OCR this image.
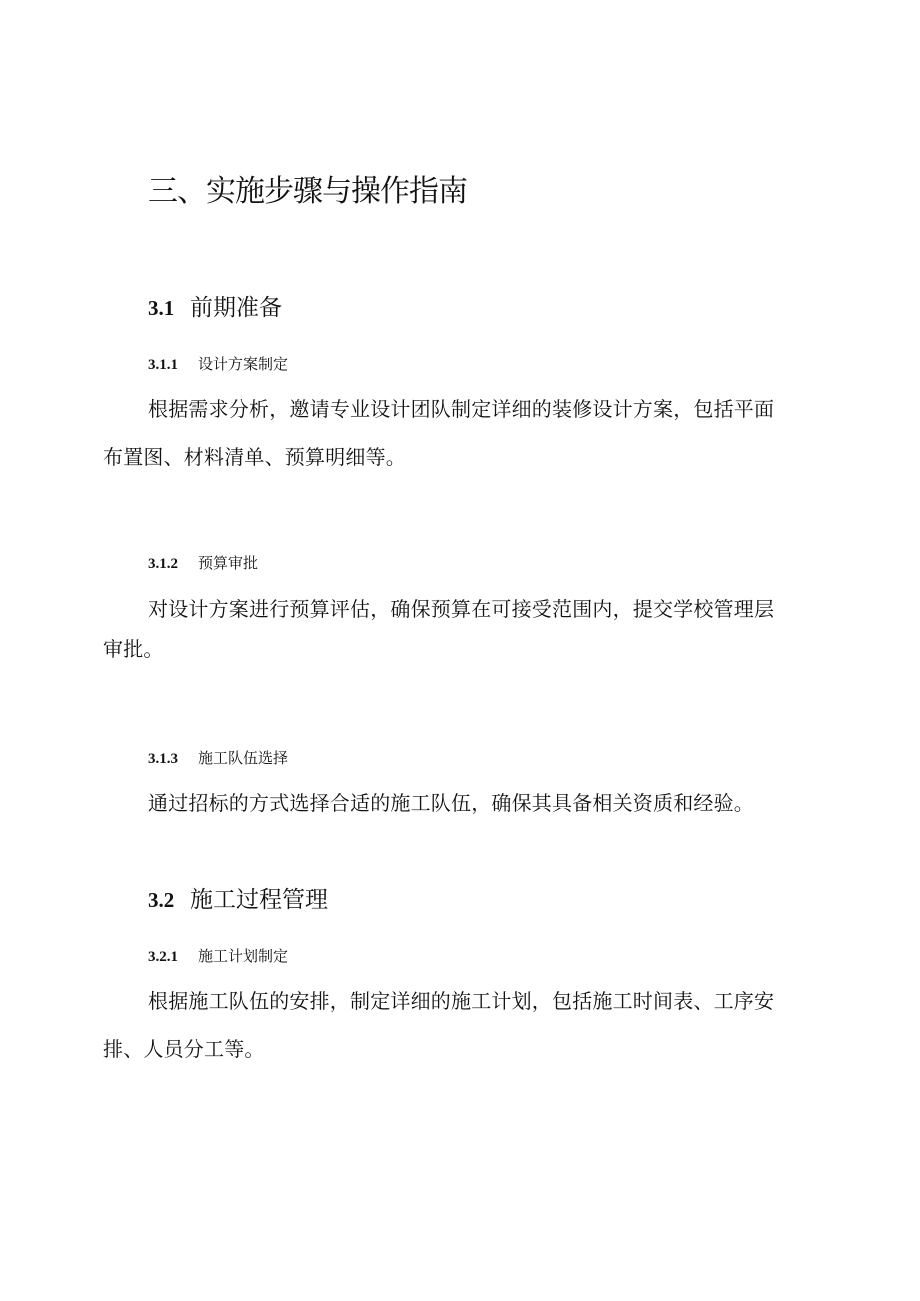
三、实施步骤与操作指南
3.1 前期准备
3.1.1 设计方案制定
根据需求分析，邀请专业设计团队制定详细的装修设计方案，包括平面
布置图、材料清单、预算明细等。
3.1.2 预算审批
对设计方案进行预算评估，确保预算在可接受范围内，提交学校管理层
审批。
3.1.3 施工队伍选择
通过招标的方式选择合适的施工队伍，确保其具备相关资质和经验。
3.2 施工过程管理
3.2.1 施工计划制定
根据施工队伍的安排，制定详细的施工计划，包括施工时间表、工序安
排、人员分工等。
